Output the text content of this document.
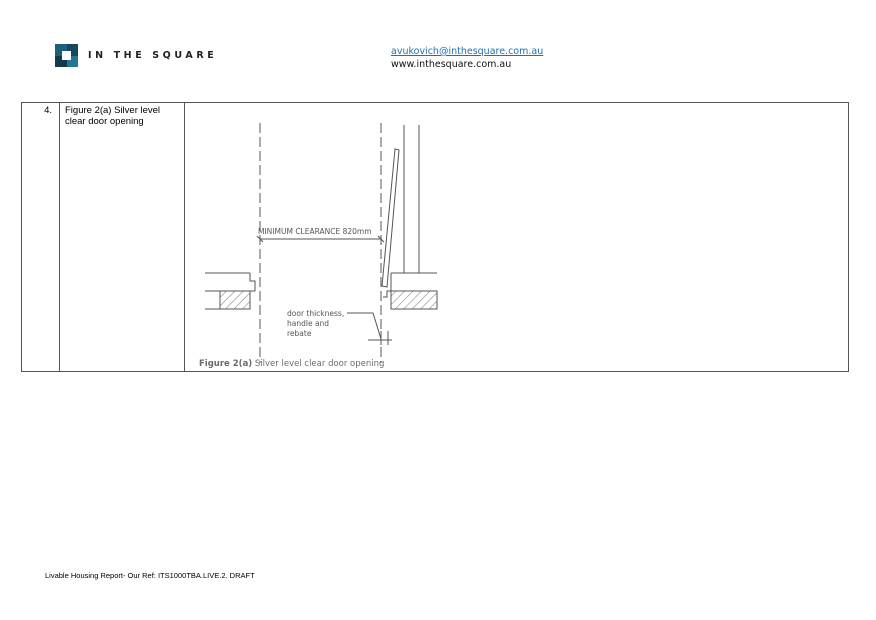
IN THE SQUARE	avukovich@inthesquare.com.au
www.inthesquare.com.au
4.	Figure 2(a) Silver level clear door opening

MINIMUM CLEARANCE 820mm
door thickness,
handle and
rebate
Figure 2(a) Silver level clear door opening
Livable Housing Report- Our Ref: ITS1000TBA.LIVE.2. DRAFT
